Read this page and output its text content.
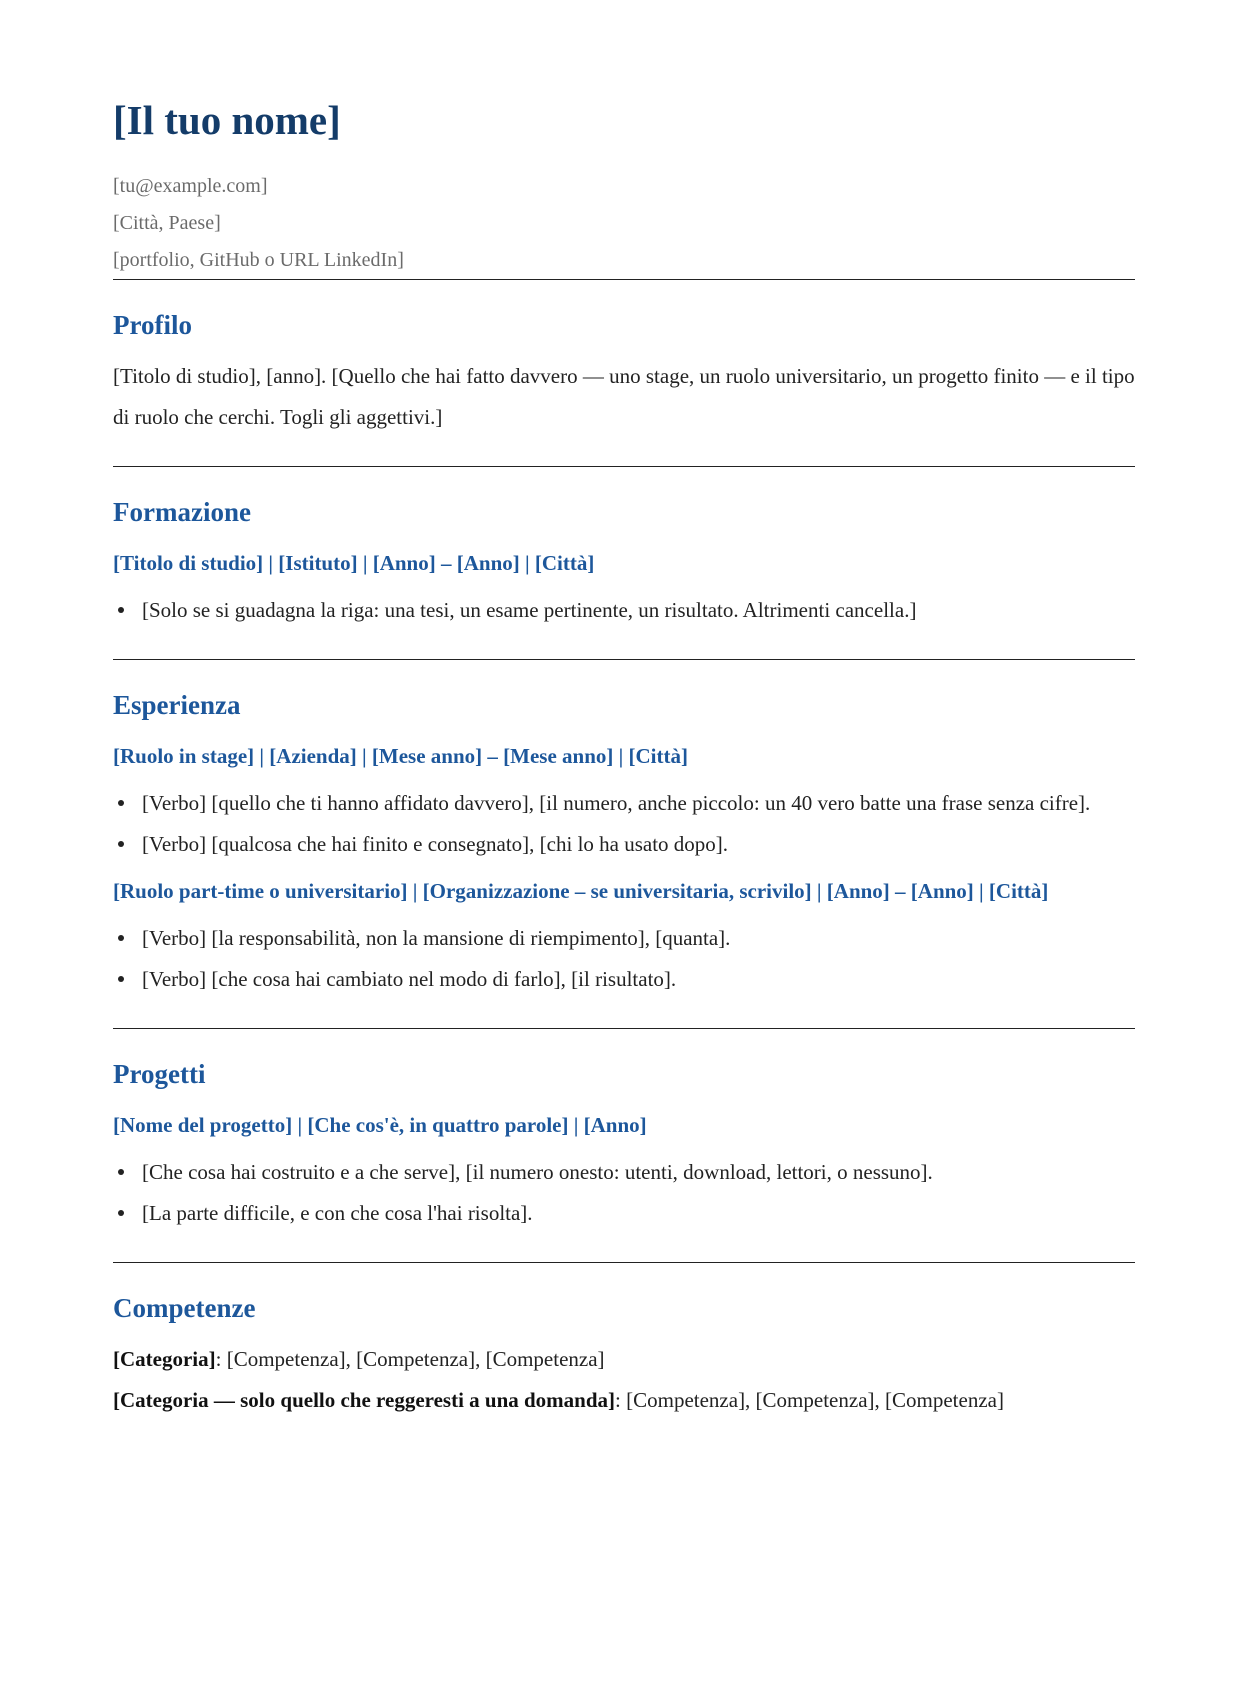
[Il tuo nome]
[tu@example.com]
[Città, Paese]
[portfolio, GitHub o URL LinkedIn]
Profilo

[Titolo di studio], [anno]. [Quello che hai fatto davvero — uno stage, un ruolo universitario, un progetto finito — e il tipo di ruolo che cerchi. Togli gli aggettivi.]

Formazione
[Titolo di studio] | [Istituto] | [Anno] – [Anno] | [Città]
[Solo se si guadagna la riga: una tesi, un esame pertinente, un risultato. Altrimenti cancella.]
Esperienza
[Ruolo in stage] | [Azienda] | [Mese anno] – [Mese anno] | [Città]
[Verbo] [quello che ti hanno affidato davvero], [il numero, anche piccolo: un 40 vero batte una frase senza cifre].
[Verbo] [qualcosa che hai finito e consegnato], [chi lo ha usato dopo].
[Ruolo part-time o universitario] | [Organizzazione – se universitaria, scrivilo] | [Anno] – [Anno] | [Città]
[Verbo] [la responsabilità, non la mansione di riempimento], [quanta].
[Verbo] [che cosa hai cambiato nel modo di farlo], [il risultato].
Progetti
[Nome del progetto] | [Che cos'è, in quattro parole] | [Anno]
[Che cosa hai costruito e a che serve], [il numero onesto: utenti, download, lettori, o nessuno].
[La parte difficile, e con che cosa l'hai risolta].
Competenze
[Categoria]: [Competenza], [Competenza], [Competenza]
[Categoria — solo quello che reggeresti a una domanda]: [Competenza], [Competenza], [Competenza]
